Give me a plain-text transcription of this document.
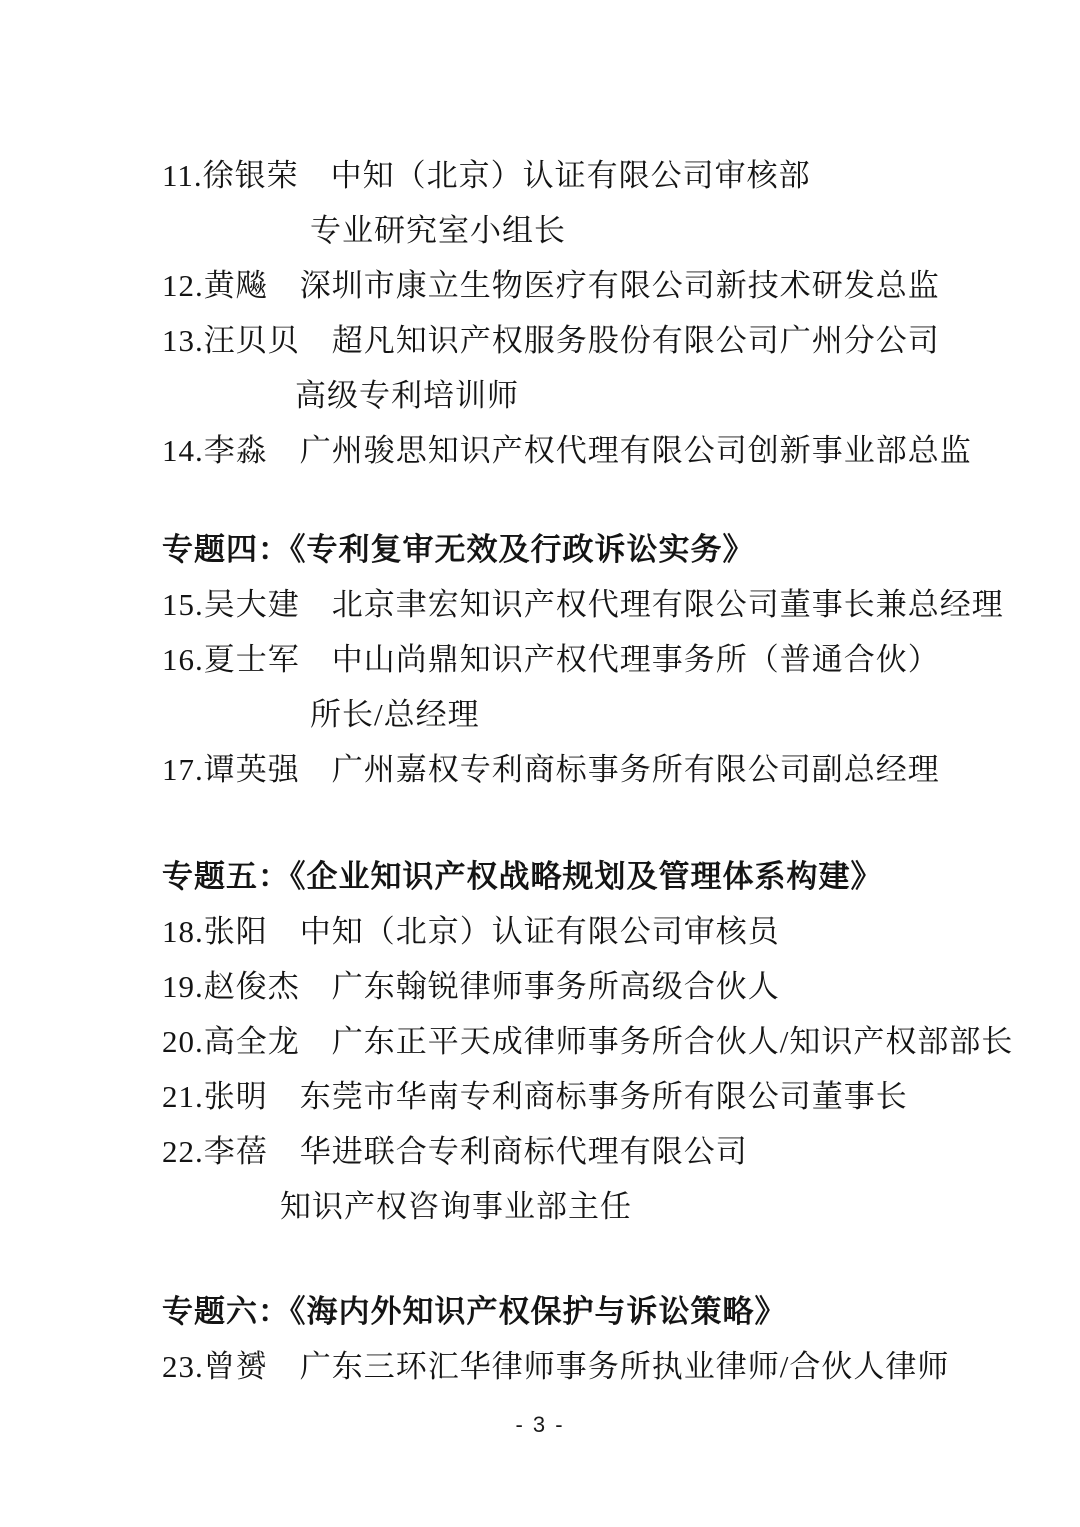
11.徐银荣　中知（北京）认证有限公司审核部
专业研究室小组长
12.黄飚　深圳市康立生物医疗有限公司新技术研发总监
13.汪贝贝　超凡知识产权服务股份有限公司广州分公司
高级专利培训师
14.李淼　广州骏思知识产权代理有限公司创新事业部总监
专题四：《专利复审无效及行政诉讼实务》
15.吴大建　北京聿宏知识产权代理有限公司董事长兼总经理
16.夏士军　中山尚鼎知识产权代理事务所（普通合伙）
所长/总经理
17.谭英强　广州嘉权专利商标事务所有限公司副总经理
专题五：《企业知识产权战略规划及管理体系构建》
18.张阳　中知（北京）认证有限公司审核员
19.赵俊杰　广东翰锐律师事务所高级合伙人
20.高全龙　广东正平天成律师事务所合伙人/知识产权部部长
21.张明　东莞市华南专利商标事务所有限公司董事长
22.李蓓　华进联合专利商标代理有限公司
知识产权咨询事业部主任
专题六：《海内外知识产权保护与诉讼策略》
23.曾赟　广东三环汇华律师事务所执业律师/合伙人律师
- 3 -
